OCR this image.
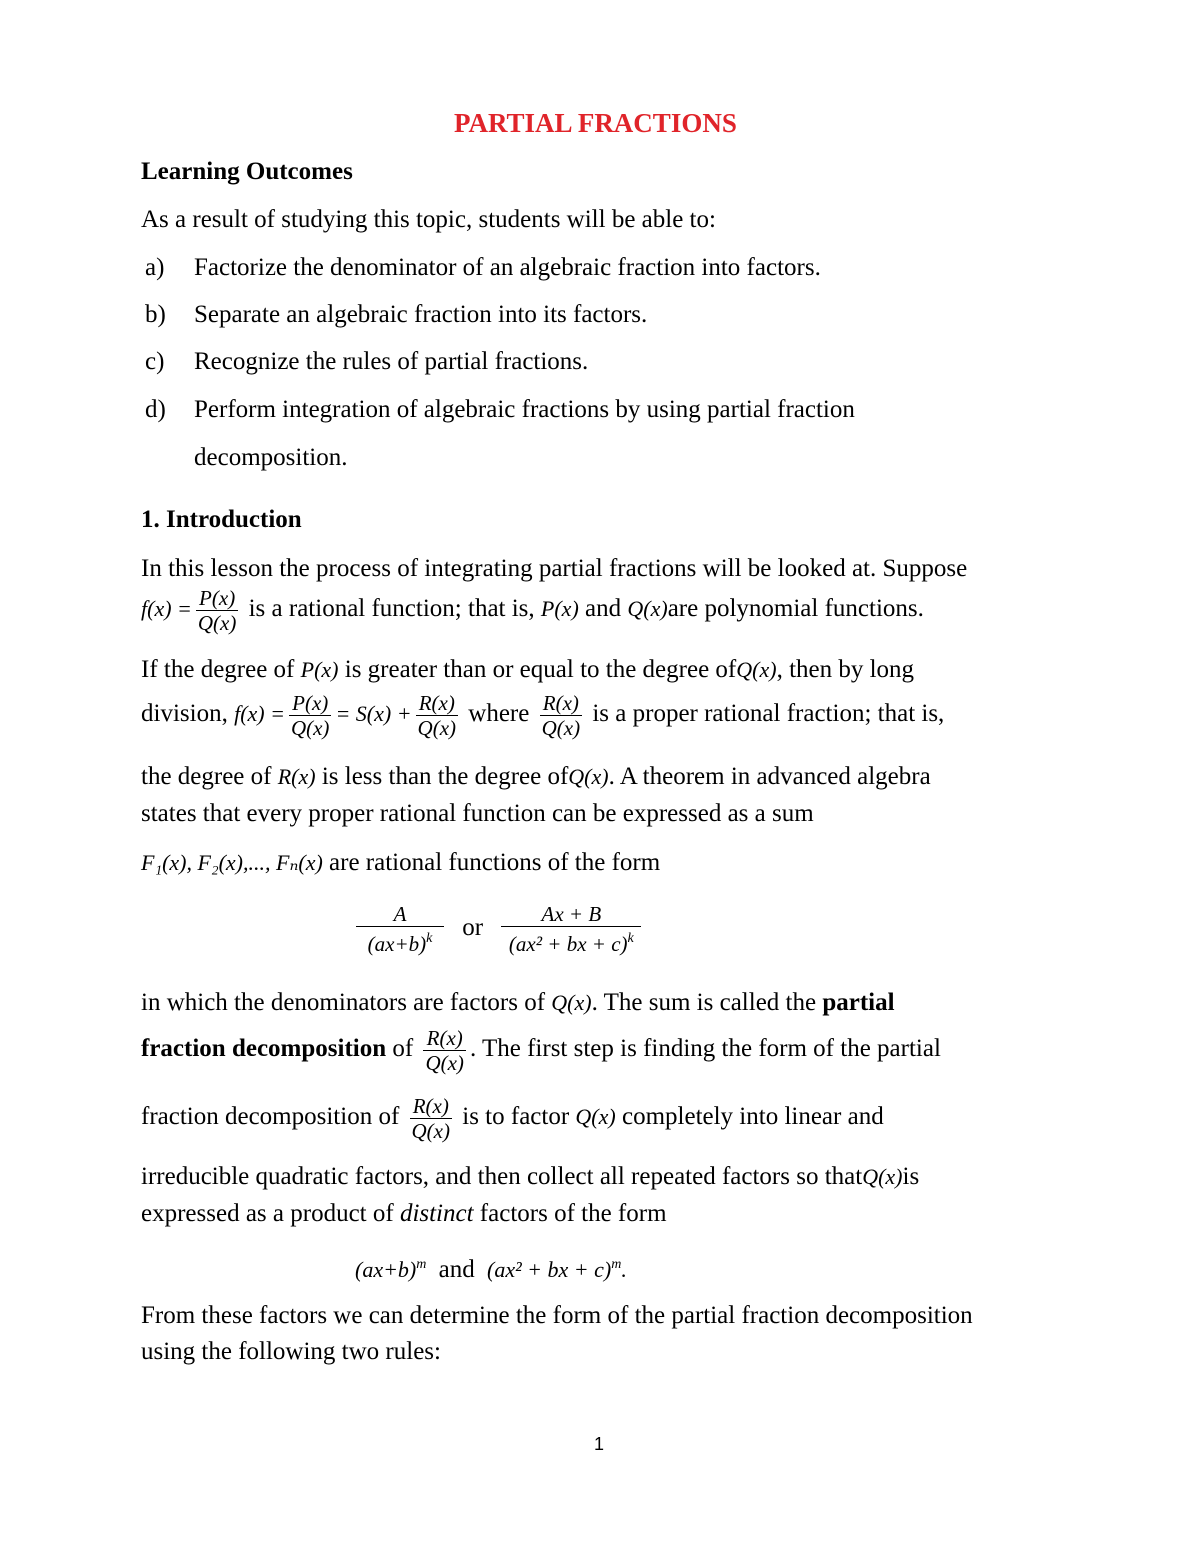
PARTIAL FRACTIONS
Learning Outcomes
As a result of studying this topic, students will be able to:
a) Factorize the denominator of an algebraic fraction into factors.
b) Separate an algebraic fraction into its factors.
c) Recognize the rules of partial fractions.
d) Perform integration of algebraic fractions by using partial fraction
decomposition.
1. Introduction
In this lesson the process of integrating partial fractions will be looked at. Suppose
$f(x) = \frac{P(x)}{Q(x)}$ is a rational function; that is, P(x) and Q(x)are polynomial functions.
If the degree of P(x) is greater than or equal to the degree ofQ(x), then by long
division, $f(x) = \frac{P(x)}{Q(x)} = S(x) + \frac{R(x)}{Q(x)}$ where $\frac{R(x)}{Q(x)}$ is a proper rational fraction; that is,
the degree of R(x) is less than the degree ofQ(x). A theorem in advanced algebra
states that every proper rational function can be expressed as a sum
F₁(x), F₂(x),..., Fₙ(x) are rational functions of the form
$\frac{A}{(ax+b)^k}$ or $\frac{Ax + B}{(ax^2 + bx + c)^k}$
in which the denominators are factors of Q(x). The sum is called the partial
fraction decomposition of $\frac{R(x)}{Q(x)}$ . The first step is finding the form of the partial
fraction decomposition of $\frac{R(x)}{Q(x)}$ is to factor Q(x) completely into linear and
irreducible quadratic factors, and then collect all repeated factors so thatQ(x)is
expressed as a product of distinct factors of the form
$(ax+b)^m$ and (ax² + bx + c)$^m$.
From these factors we can determine the form of the partial fraction decomposition
using the following two rules:
1
